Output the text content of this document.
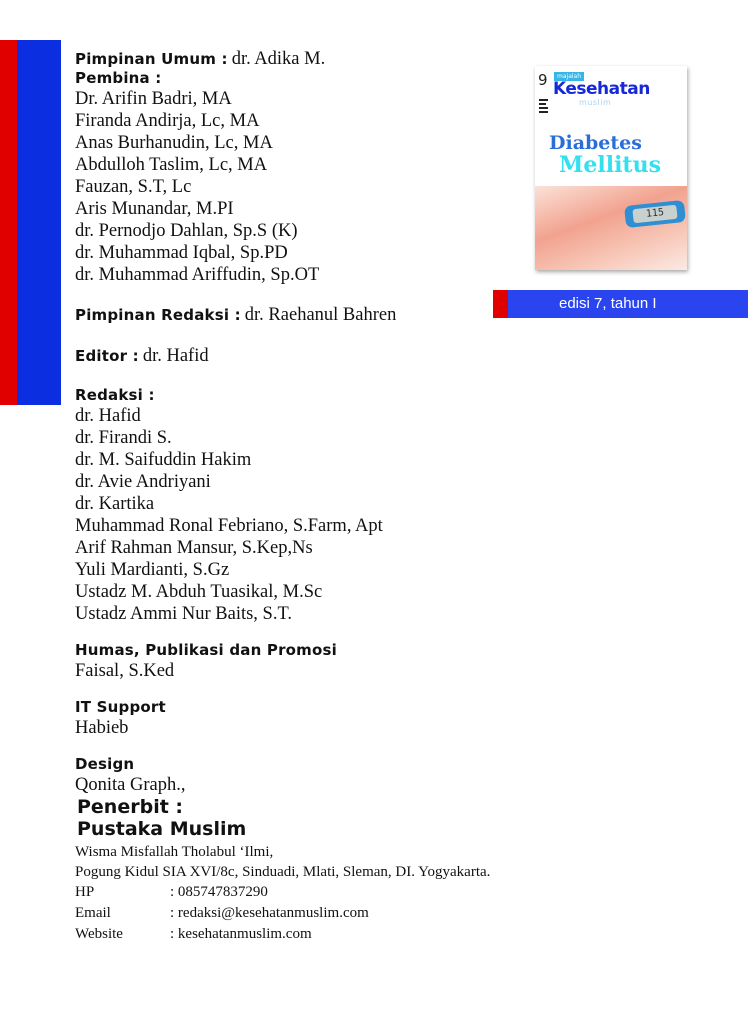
Pimpinan Umum : dr. Adika M.
Pembina :
Dr. Arifin Badri, MA
Firanda Andirja, Lc, MA
Anas Burhanudin, Lc, MA
Abdulloh Taslim, Lc, MA
Fauzan, S.T, Lc
Aris Munandar, M.PI
dr. Pernodjo Dahlan, Sp.S (K)
dr. Muhammad Iqbal, Sp.PD
dr. Muhammad Ariffudin, Sp.OT
Pimpinan Redaksi : dr. Raehanul Bahren
Editor : dr. Hafid
Redaksi :
dr. Hafid
dr. Firandi S.
dr. M. Saifuddin Hakim
dr. Avie Andriyani
dr. Kartika
Muhammad Ronal Febriano, S.Farm, Apt
Arif Rahman Mansur, S.Kep,Ns
Yuli Mardianti, S.Gz
Ustadz M. Abduh Tuasikal, M.Sc
Ustadz Ammi Nur Baits, S.T.
Humas, Publikasi dan Promosi
Faisal, S.Ked
IT Support
Habieb
Design
Qonita Graph.,
Penerbit :
Pustaka Muslim
Wisma Misfallah Tholabul ‘Ilmi,
Pogung Kidul SIA XVI/8c, Sinduadi, Mlati, Sleman, DI. Yogyakarta.
HP	: 085747837290
Email	: redaksi@kesehatanmuslim.com
Website	: kesehatanmuslim.com
9	majalah
Kesehatan
muslim
Diabetes
Mellitus
115
edisi 7, tahun I
